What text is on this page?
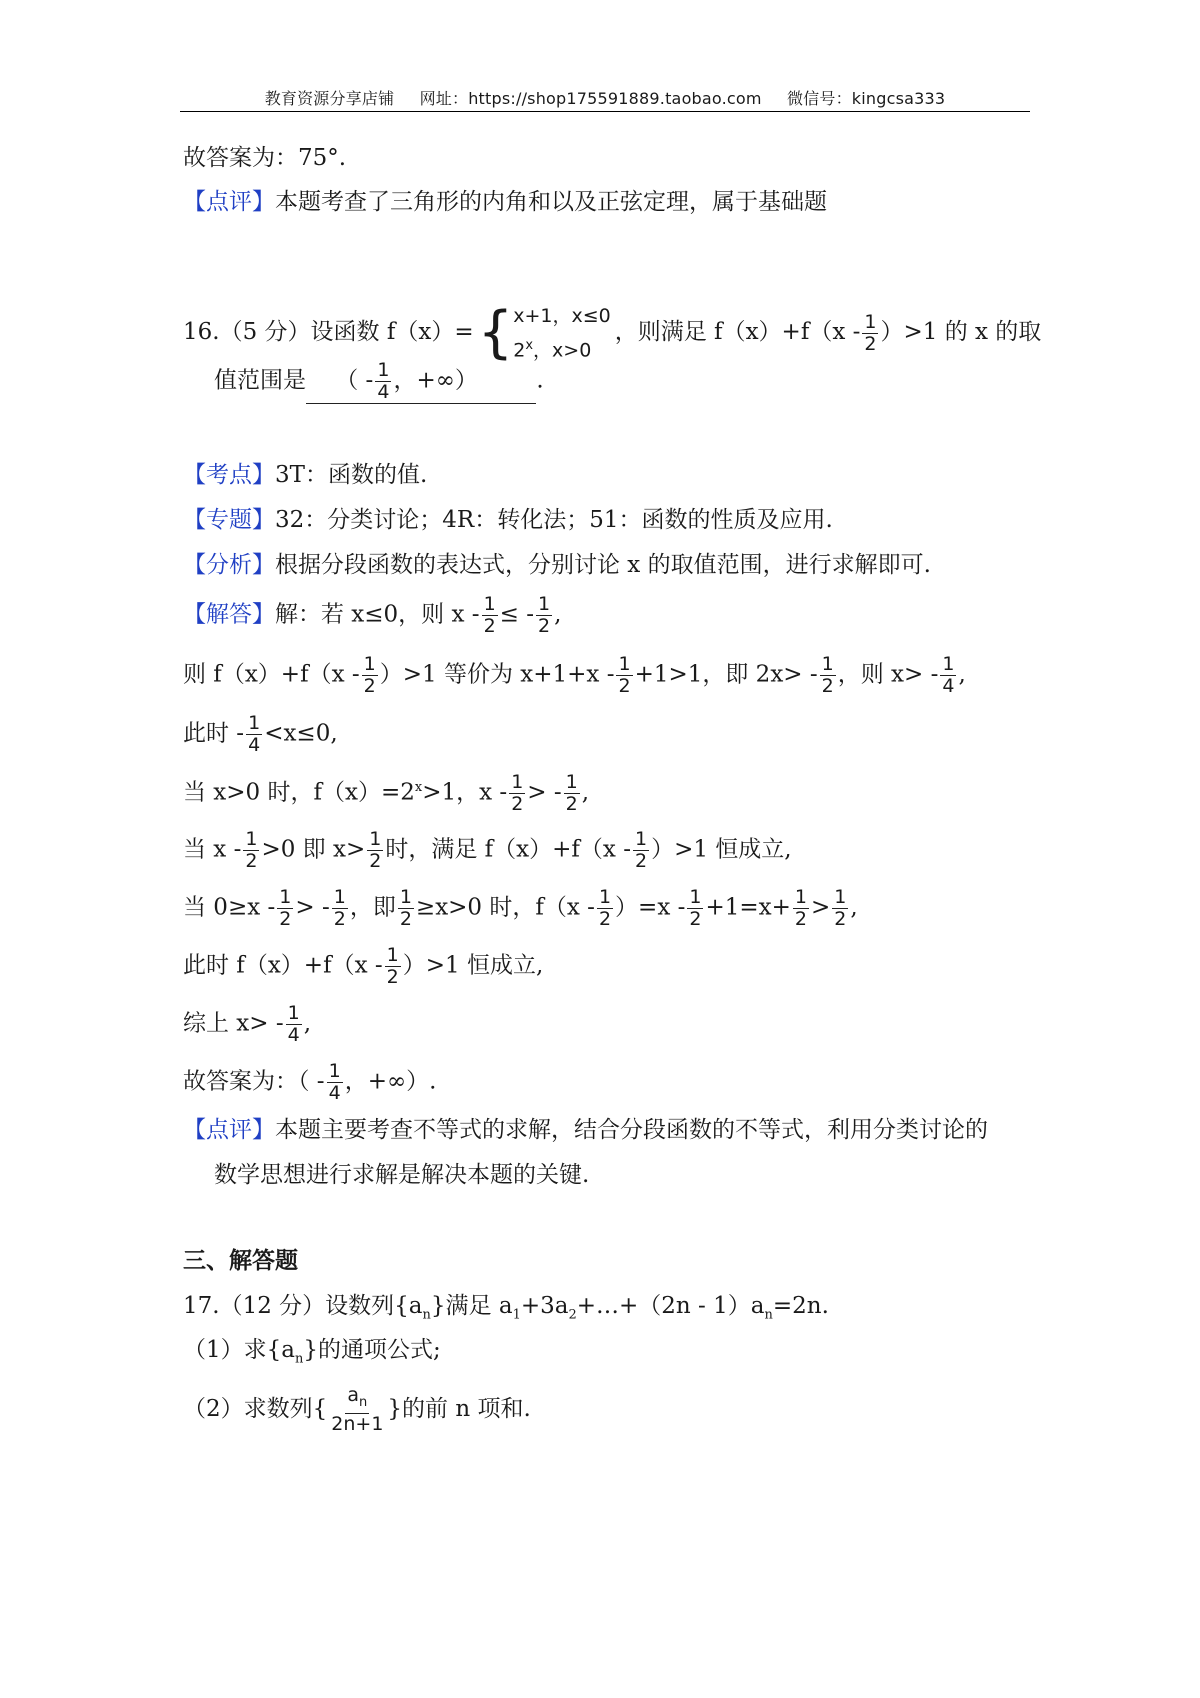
教育资源分享店铺 网址：https://shop175591889.taobao.com 微信号：kingcsa333
故答案为：75°.
【点评】本题考查了三角形的内角和以及正弦定理，属于基础题
16.（5 分）设函数 f（x）= { x+1，x≤0
2$^x$，x>0
，则满足 $f(x)+f(x - \frac{1}{2} )>1$ 的 x 的取
值范围是 （ - $\frac{1}{4}$ ，+∞）	.
【考点】3T：函数的值.
【专题】32：分类讨论；4R：转化法；51：函数的性质及应用.
【分析】根据分段函数的表达式，分别讨论 x 的取值范围，进行求解即可.
【解答】解：若 x≤0，则 x - $\frac{1}{2}$ ≤ - $\frac{1}{2}$ ,
则 $f(x)+f(x - \frac{1}{2} )>1$ 等价为 $x+1+x - \frac{1}{2} +1>1$，即 $2x> - \frac{1}{2}$ ，则 $x> - \frac{1}{4}$ ,
此时 - $\frac{1}{4} <x\le 0$,
当 x>0 时，$f(x)=2^x>1$，x - $\frac{1}{2}$ > - $\frac{1}{2}$ ,
当 $x - \frac{1}{2} >0$ 即 $x> \frac{1}{2}$ 时，满足 $f(x)+f(x - \frac{1}{2} )>1$ 恒成立,
当 $0\ge x - \frac{1}{2}$ > - $\frac{1}{2}$ ，即 $\frac{1}{2} \ge x>0$ 时，$f(x - \frac{1}{2} )=x - \frac{1}{2} +1=x+ \frac{1}{2} > \frac{1}{2}$ ,
此时 $f(x)+f(x - \frac{1}{2} )>1$ 恒成立,
综上 $x> - \frac{1}{4}$ ,
故答案为：（ - $\frac{1}{4}$ ，+∞）.
【点评】本题主要考查不等式的求解，结合分段函数的不等式，利用分类讨论的
数学思想进行求解是解决本题的关键.
三、解答题
17.（12 分）设数列$\{a_n\}$满足 $a_1+3a_2+\dots+(2n - 1)a_n=2n$.
（1）求$\{a_n\}$的通项公式;
（2）求数列{ $\frac{a_n}{2n+1}$ }的前 n 项和.
